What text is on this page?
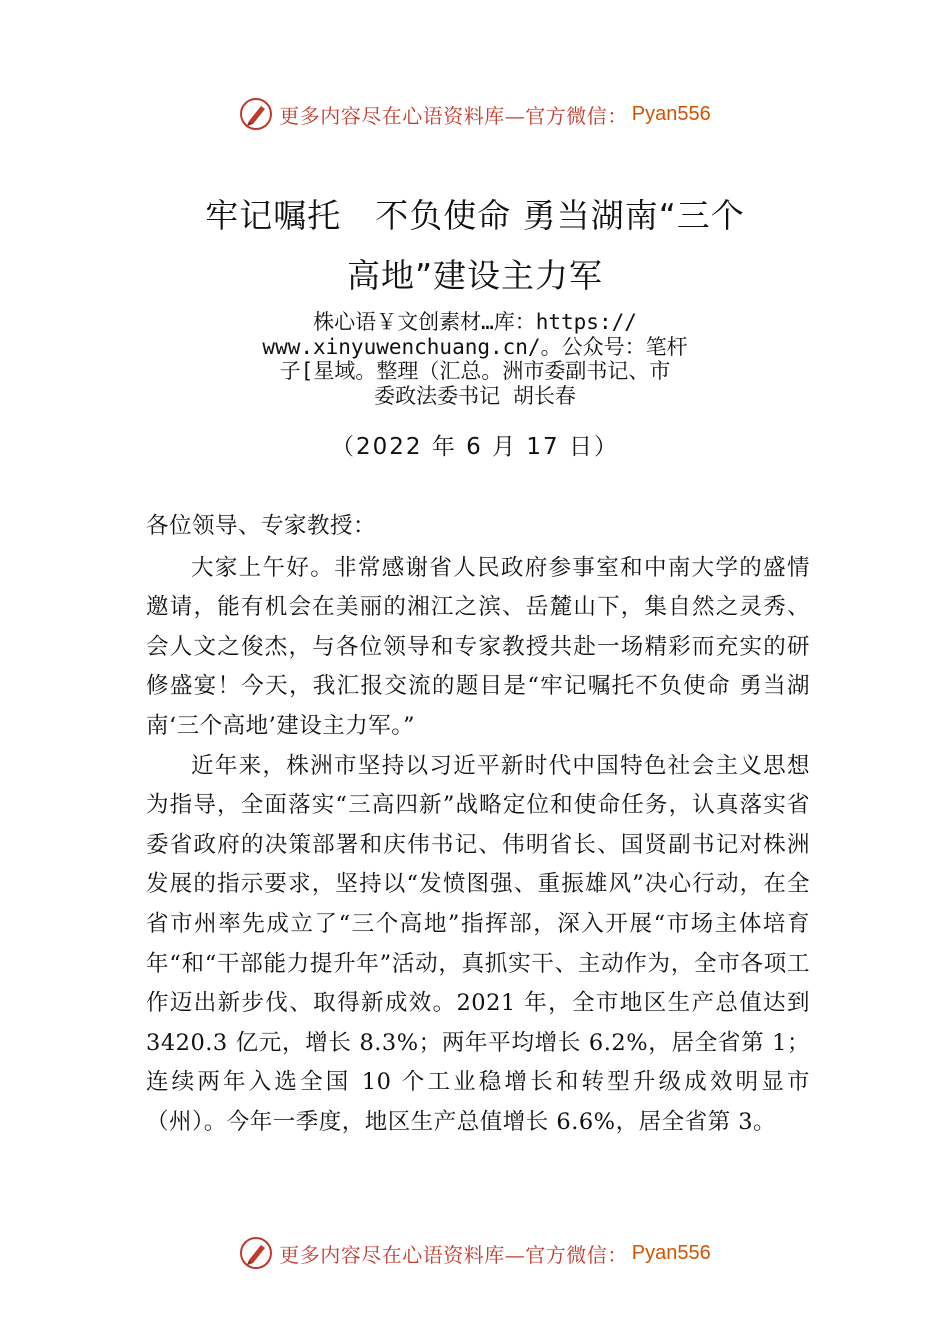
更多内容尽在心语资料库—官方微信： Pyan556
牢记嘱托　不负使命 勇当湖南“三个
高地”建设主力军
株心语￥文创素材…库：https://
www.xinyuwenchuang.cn/。公众号：笔杆
子[星域。整理（汇总。洲市委副书记、市
委政法委书记 胡长春
（2022 年 6 月 17 日）

各位领导、专家教授：

大家上午好。非常感谢省人民政府参事室和中南大学的盛情邀请，能有机会在美丽的湘江之滨、岳麓山下，集自然之灵秀、会人文之俊杰，与各位领导和专家教授共赴一场精彩而充实的研修盛宴！今天，我汇报交流的题目是“牢记嘱托不负使命 勇当湖南‘三个高地’建设主力军。”

近年来，株洲市坚持以习近平新时代中国特色社会主义思想为指导，全面落实“三高四新”战略定位和使命任务，认真落实省委省政府的决策部署和庆伟书记、伟明省长、国贤副书记对株洲发展的指示要求，坚持以“发愤图强、重振雄风”决心行动，在全省市州率先成立了“三个高地”指挥部，深入开展“市场主体培育年“和“干部能力提升年”活动，真抓实干、主动作为，全市各项工作迈出新步伐、取得新成效。2021 年，全市地区生产总值达到 3420.3 亿元，增长 8.3%；两年平均增长 6.2%，居全省第 1；连续两年入选全国 10 个工业稳增长和转型升级成效明显市（州）。今年一季度，地区生产总值增长 6.6%，居全省第 3。

更多内容尽在心语资料库—官方微信： Pyan556
